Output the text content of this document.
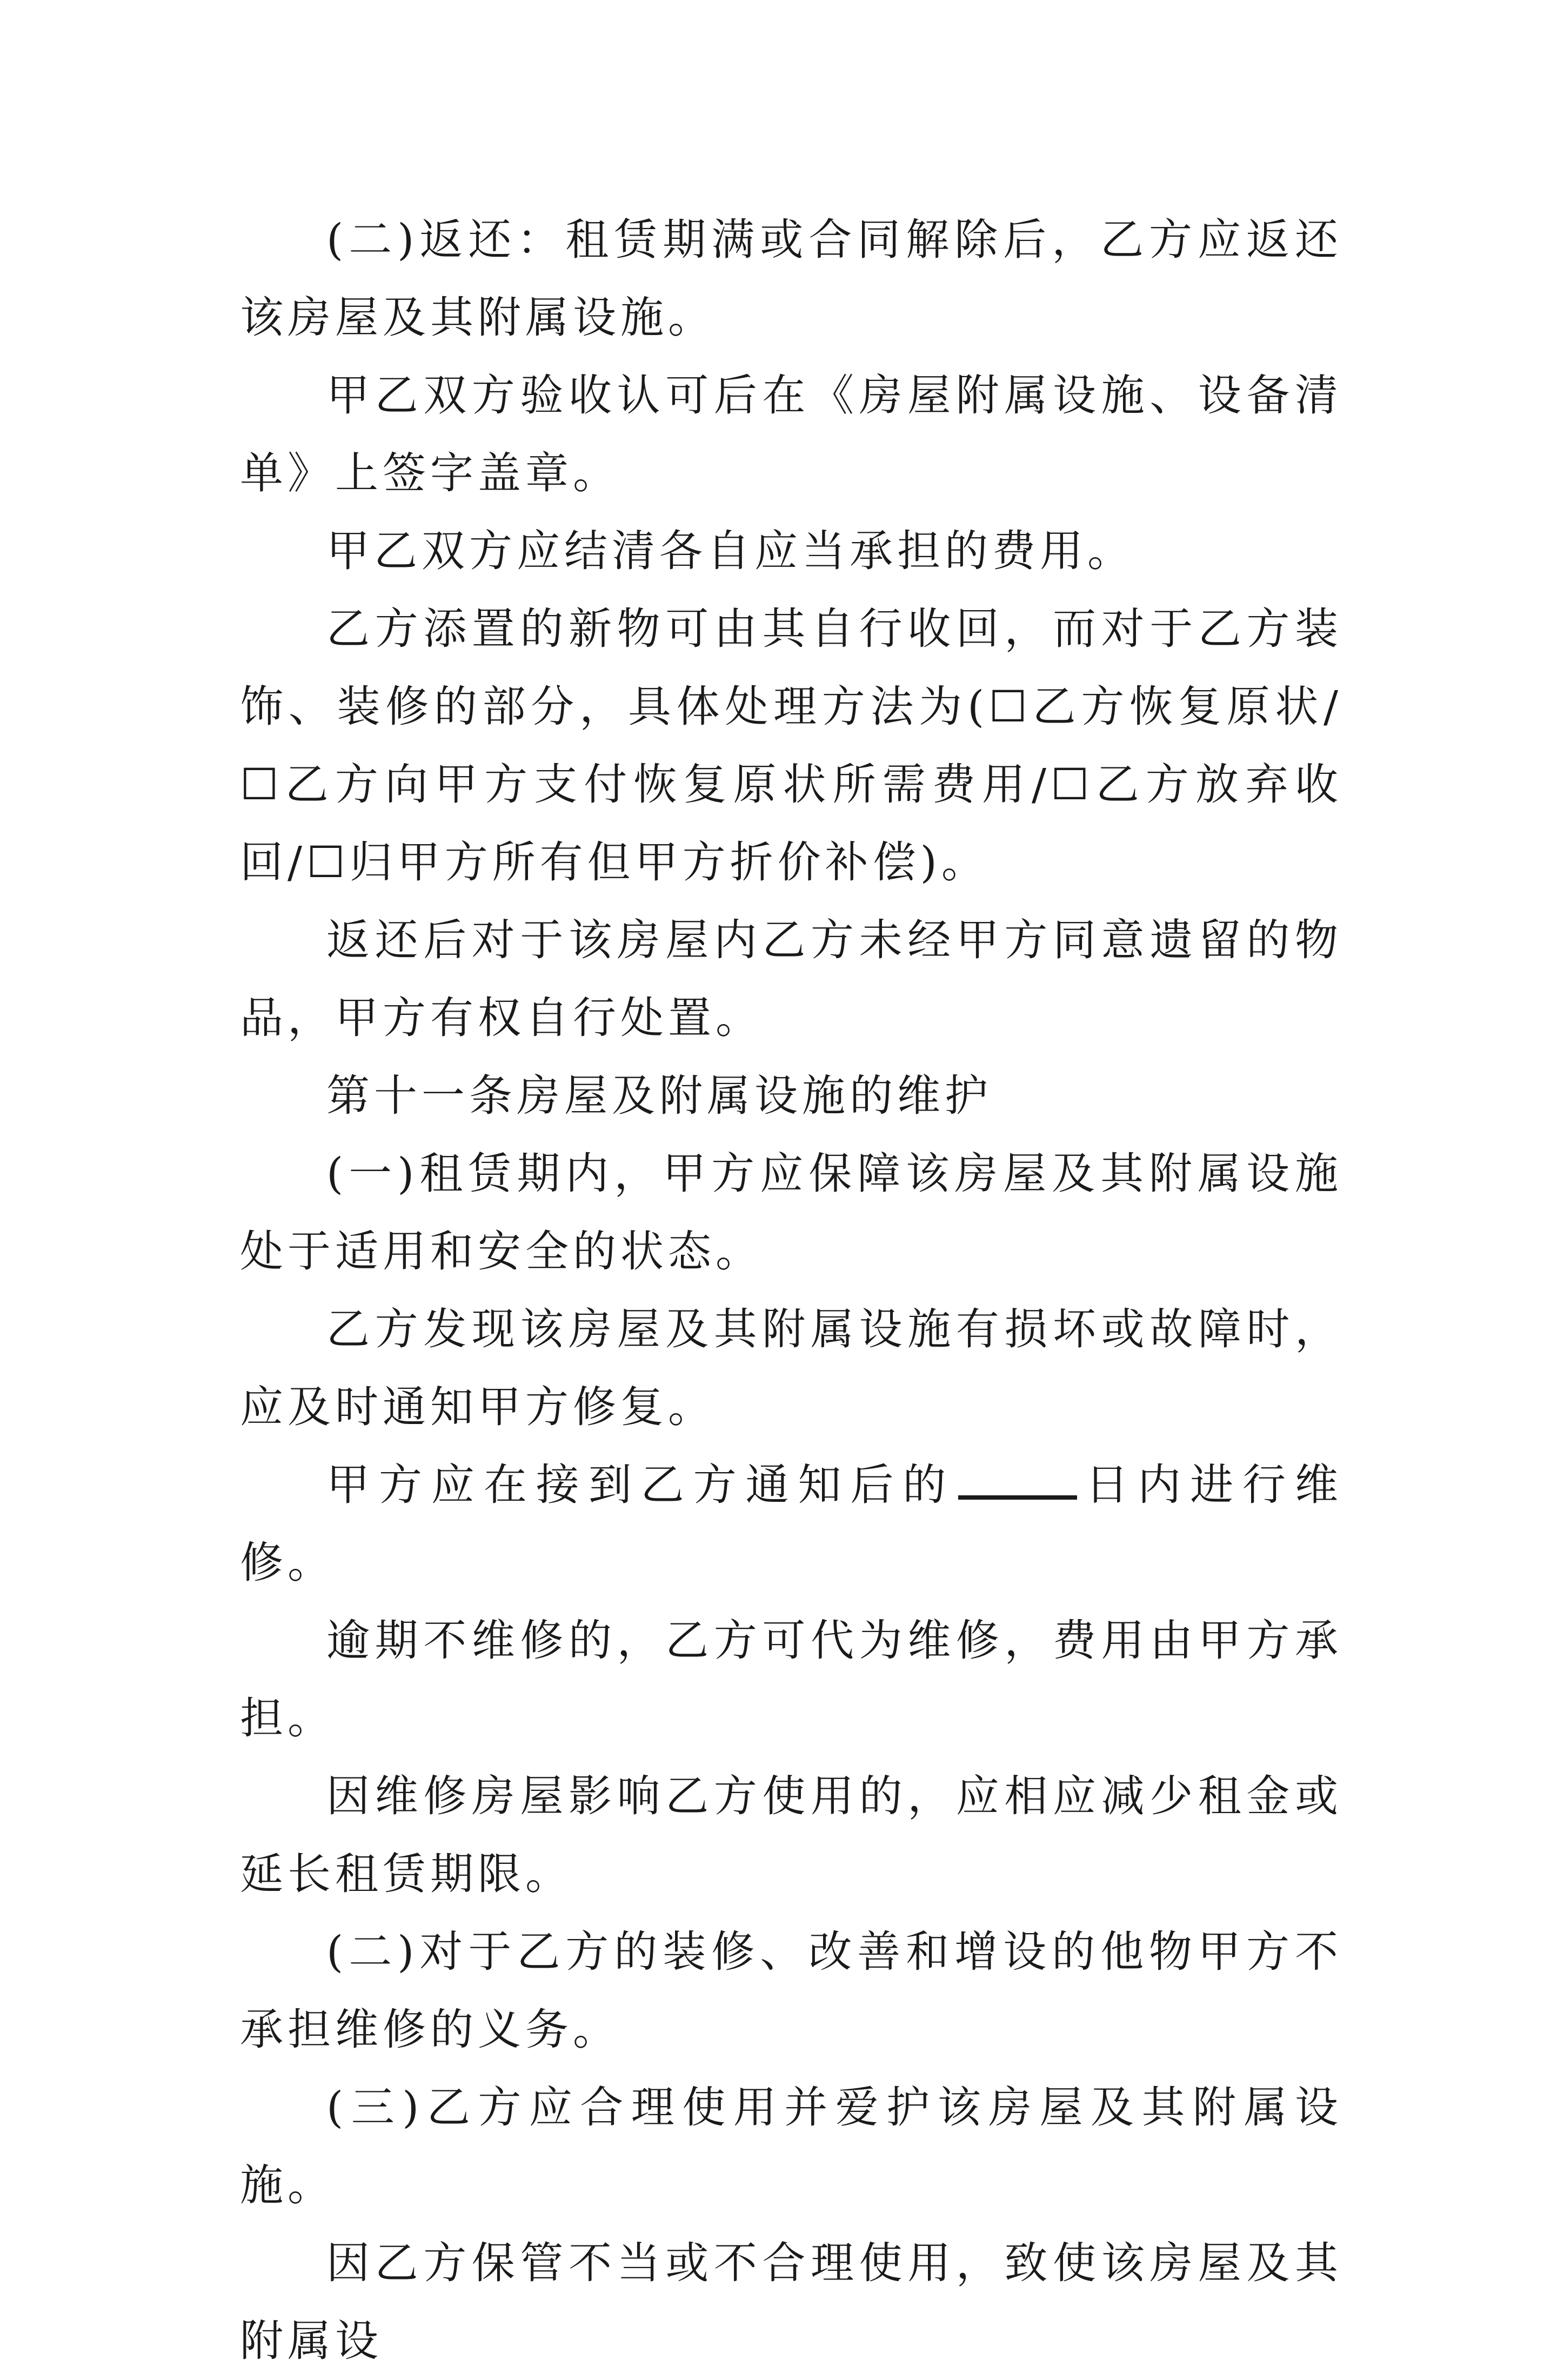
(二)返还：租赁期满或合同解除后，乙方应返还该房屋及其附属设施。

甲乙双方验收认可后在《房屋附属设施、设备清单》上签字盖章。

甲乙双方应结清各自应当承担的费用。

乙方添置的新物可由其自行收回，而对于乙方装饰、装修的部分，具体处理方法为(☐乙方恢复原状/☐乙方向甲方支付恢复原状所需费用/☐乙方放弃收回/☐归甲方所有但甲方折价补偿)。

返还后对于该房屋内乙方未经甲方同意遗留的物品，甲方有权自行处置。

第十一条房屋及附属设施的维护

(一)租赁期内，甲方应保障该房屋及其附属设施处于适用和安全的状态。

乙方发现该房屋及其附属设施有损坏或故障时，应及时通知甲方修复。

甲方应在接到乙方通知后的	日内进行维修。

逾期不维修的，乙方可代为维修，费用由甲方承担。

因维修房屋影响乙方使用的，应相应减少租金或延长租赁期限。

(二)对于乙方的装修、改善和增设的他物甲方不承担维修的义务。

(三)乙方应合理使用并爱护该房屋及其附属设施。

因乙方保管不当或不合理使用，致使该房屋及其附属设
